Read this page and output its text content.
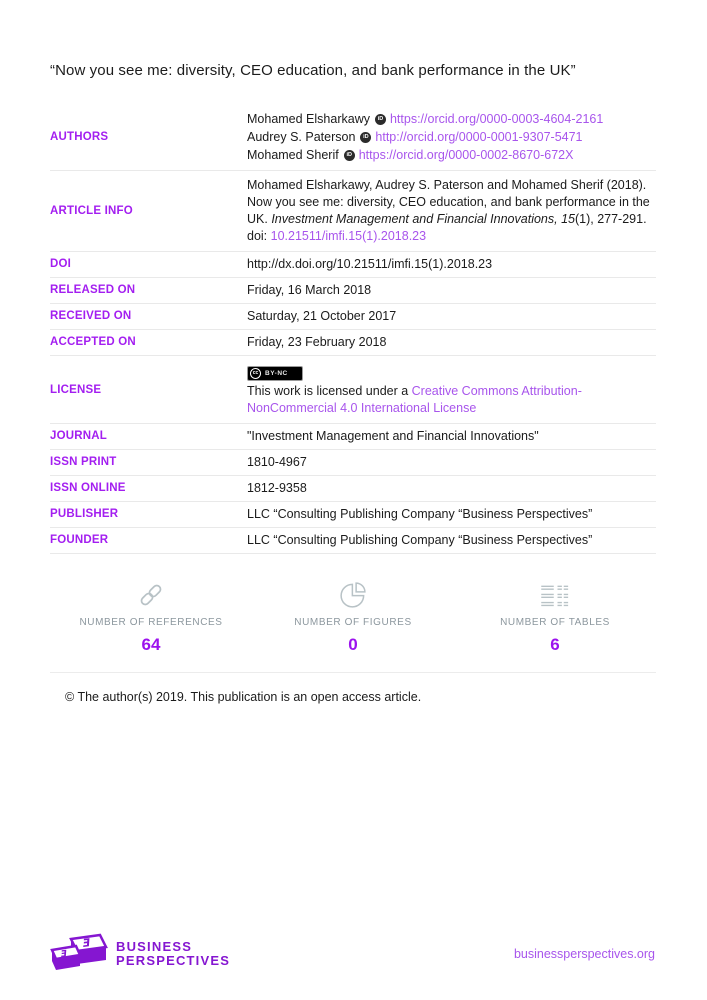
“Now you see me: diversity, CEO education, and bank performance in the UK”
AUTHORS
Mohamed Elsharkawy	iD https://orcid.org/0000-0003-4604-2161
Audrey S. Paterson	iD http://orcid.org/0000-0001-9307-5471
Mohamed Sherif	iD https://orcid.org/0000-0002-8670-672X
ARTICLE INFO
Mohamed Elsharkawy, Audrey S. Paterson and Mohamed Sherif (2018). Now you see me: diversity, CEO education, and bank performance in the UK. Investment Management and Financial Innovations, 15(1), 277-291. doi: 10.21511/imfi.15(1).2018.23
DOI	http://dx.doi.org/10.21511/imfi.15(1).2018.23
RELEASED ON	Friday, 16 March 2018
RECEIVED ON	Saturday, 21 October 2017
ACCEPTED ON	Friday, 23 February 2018
LICENSE
cc	BY-NC
This work is licensed under a Creative Commons Attribution-NonCommercial 4.0 International License
JOURNAL	"Investment Management and Financial Innovations"
ISSN PRINT	1810-4967
ISSN ONLINE	1812-9358
PUBLISHER	LLC “Consulting Publishing Company “Business Perspectives”
FOUNDER	LLC “Consulting Publishing Company “Business Perspectives”
NUMBER OF REFERENCES
64
NUMBER OF FIGURES
0
NUMBER OF TABLES
6
© The author(s) 2019. This publication is an open access article.
Ǝ
Ǝ
BUSINESS
PERSPECTIVES	businessperspectives.org
